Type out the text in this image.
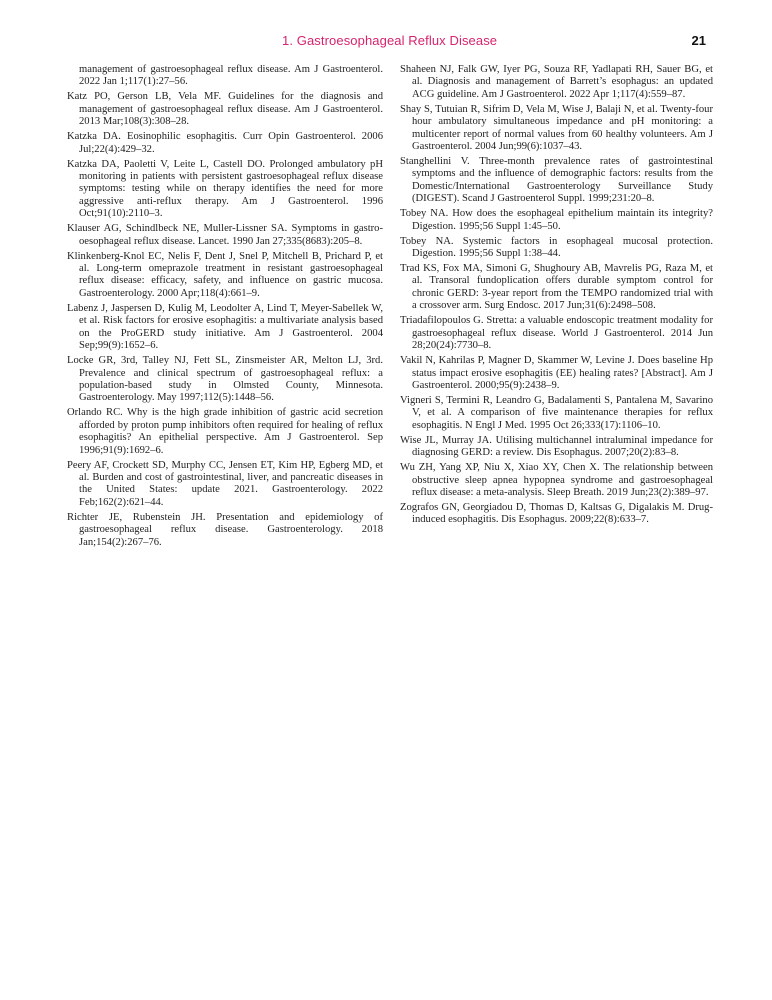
1. Gastroesophageal Reflux Disease	21

management of gastroesophageal reflux disease. Am J Gastroenterol. 2022 Jan 1;117(1):27–56.

Katz PO, Gerson LB, Vela MF. Guidelines for the diagnosis and management of gastroesophageal reflux disease. Am J Gastroenterol. 2013 Mar;108(3):308–28.

Katzka DA. Eosinophilic esophagitis. Curr Opin Gastroenterol. 2006 Jul;22(4):429–32.

Katzka DA, Paoletti V, Leite L, Castell DO. Prolonged ambulatory pH monitoring in patients with persistent gastroesophageal reflux disease symptoms: testing while on therapy identifies the need for more aggressive anti-reflux therapy. Am J Gastroenterol. 1996 Oct;91(10):2110–3.

Klauser AG, Schindlbeck NE, Muller-Lissner SA. Symptoms in gastro-oesophageal reflux disease. Lancet. 1990 Jan 27;335(8683):205–8.

Klinkenberg-Knol EC, Nelis F, Dent J, Snel P, Mitchell B, Prichard P, et al. Long-term omeprazole treatment in resistant gastroesophageal reflux disease: efficacy, safety, and influence on gastric mucosa. Gastroenterology. 2000 Apr;118(4):661–9.

Labenz J, Jaspersen D, Kulig M, Leodolter A, Lind T, Meyer-Sabellek W, et al. Risk factors for erosive esophagitis: a multivariate analysis based on the ProGERD study initiative. Am J Gastroenterol. 2004 Sep;99(9):1652–6.

Locke GR, 3rd, Talley NJ, Fett SL, Zinsmeister AR, Melton LJ, 3rd. Prevalence and clinical spectrum of gastroesophageal reflux: a population-based study in Olmsted County, Minnesota. Gastroenterology. May 1997;112(5):1448–56.

Orlando RC. Why is the high grade inhibition of gastric acid secretion afforded by proton pump inhibitors often required for healing of reflux esophagitis? An epithelial perspective. Am J Gastroenterol. Sep 1996;91(9):1692–6.

Peery AF, Crockett SD, Murphy CC, Jensen ET, Kim HP, Egberg MD, et al. Burden and cost of gastrointestinal, liver, and pancreatic diseases in the United States: update 2021. Gastroenterology. 2022 Feb;162(2):621–44.

Richter JE, Rubenstein JH. Presentation and epidemiology of gastroesophageal reflux disease. Gastroenterology. 2018 Jan;154(2):267–76.

Shaheen NJ, Falk GW, Iyer PG, Souza RF, Yadlapati RH, Sauer BG, et al. Diagnosis and management of Barrett’s esophagus: an updated ACG guideline. Am J Gastroenterol. 2022 Apr 1;117(4):559–87.

Shay S, Tutuian R, Sifrim D, Vela M, Wise J, Balaji N, et al. Twenty-four hour ambulatory simultaneous impedance and pH monitoring: a multicenter report of normal values from 60 healthy volunteers. Am J Gastroenterol. 2004 Jun;99(6):1037–43.

Stanghellini V. Three-month prevalence rates of gastrointestinal symptoms and the influence of demographic factors: results from the Domestic/International Gastroenterology Surveillance Study (DIGEST). Scand J Gastroenterol Suppl. 1999;231:20–8.

Tobey NA. How does the esophageal epithelium maintain its integrity? Digestion. 1995;56 Suppl 1:45–50.

Tobey NA. Systemic factors in esophageal mucosal protection. Digestion. 1995;56 Suppl 1:38–44.

Trad KS, Fox MA, Simoni G, Shughoury AB, Mavrelis PG, Raza M, et al. Transoral fundoplication offers durable symptom control for chronic GERD: 3-year report from the TEMPO randomized trial with a crossover arm. Surg Endosc. 2017 Jun;31(6):2498–508.

Triadafilopoulos G. Stretta: a valuable endoscopic treatment modality for gastroesophageal reflux disease. World J Gastroenterol. 2014 Jun 28;20(24):7730–8.

Vakil N, Kahrilas P, Magner D, Skammer W, Levine J. Does baseline Hp status impact erosive esophagitis (EE) healing rates? [Abstract]. Am J Gastroenterol. 2000;95(9):2438–9.

Vigneri S, Termini R, Leandro G, Badalamenti S, Pantalena M, Savarino V, et al. A comparison of five maintenance therapies for reflux esophagitis. N Engl J Med. 1995 Oct 26;333(17):1106–10.

Wise JL, Murray JA. Utilising multichannel intraluminal impedance for diagnosing GERD: a review. Dis Esophagus. 2007;20(2):83–8.

Wu ZH, Yang XP, Niu X, Xiao XY, Chen X. The relationship between obstructive sleep apnea hypopnea syndrome and gastroesophageal reflux disease: a meta-analysis. Sleep Breath. 2019 Jun;23(2):389–97.

Zografos GN, Georgiadou D, Thomas D, Kaltsas G, Digalakis M. Drug-induced esophagitis. Dis Esophagus. 2009;22(8):633–7.
